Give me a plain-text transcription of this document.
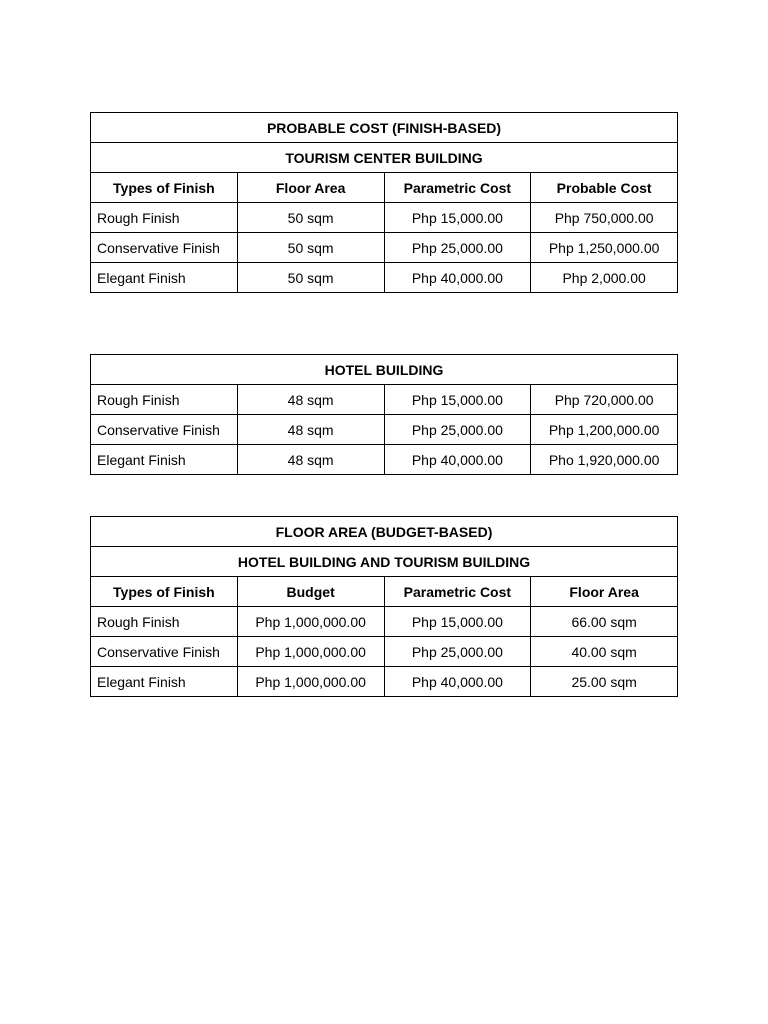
PROBABLE COST (FINISH-BASED)			
TOURISM CENTER BUILDING			
Types of Finish	Floor Area	Parametric Cost	Probable Cost
Rough Finish	50 sqm	Php 15,000.00	Php 750,000.00
Conservative Finish	50 sqm	Php 25,000.00	Php 1,250,000.00
Elegant Finish	50 sqm	Php 40,000.00	Php 2,000.00
HOTEL BUILDING			
Rough Finish	48 sqm	Php 15,000.00	Php 720,000.00
Conservative Finish	48 sqm	Php 25,000.00	Php 1,200,000.00
Elegant Finish	48 sqm	Php 40,000.00	Pho 1,920,000.00
FLOOR AREA (BUDGET-BASED)			
HOTEL BUILDING AND TOURISM BUILDING			
Types of Finish	Budget	Parametric Cost	Floor Area
Rough Finish	Php 1,000,000.00	Php 15,000.00	66.00 sqm
Conservative Finish	Php 1,000,000.00	Php 25,000.00	40.00 sqm
Elegant Finish	Php 1,000,000.00	Php 40,000.00	25.00 sqm
